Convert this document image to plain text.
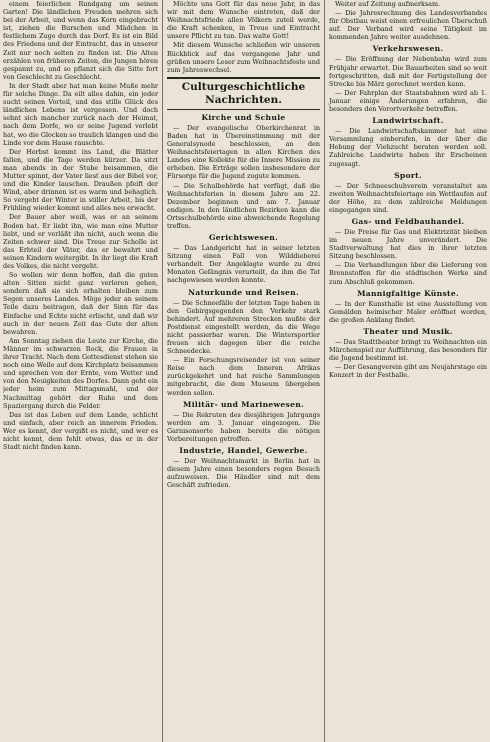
einem feierlichen Rundgang um seinen Garten! Die ländlichen Freuden mehren sich bei der Arbeit, und wenn das Korn eingebracht ist, ziehen die Burschen und Mädchen in festlichem Zuge durch das Dorf. Es ist ein Bild des Friedens und der Eintracht, das in unserer Zeit nur noch selten zu finden ist. Die Alten erzählen von früheren Zeiten, die Jungen hören gespannt zu, und so pflanzt sich die Sitte fort von Geschlecht zu Geschlecht.

In der Stadt aber hat man keine Muße mehr für solche Dinge. Da eilt alles dahin, ein jeder sucht seinen Vorteil, und das stille Glück des ländlichen Lebens ist vergessen. Und doch sehnt sich mancher zurück nach der Heimat, nach dem Dorfe, wo er seine Jugend verlebt hat, wo die Glocken so traulich klangen und die Linde vor dem Hause rauschte.

Der Herbst kommt ins Land, die Blätter fallen, und die Tage werden kürzer. Da sitzt man abends in der Stube beisammen, die Mutter spinnt, der Vater liest aus der Bibel vor, und die Kinder lauschen. Draußen pfeift der Wind, aber drinnen ist es warm und behaglich. So vergeht der Winter in stiller Arbeit, bis der Frühling wieder kommt und alles neu erwacht.

Der Bauer aber weiß, was er an seinem Boden hat. Er liebt ihn, wie man eine Mutter liebt, und er verläßt ihn nicht, auch wenn die Zeiten schwer sind. Die Treue zur Scholle ist das Erbteil der Väter, das er bewahrt und seinen Kindern weitergibt. In ihr liegt die Kraft des Volkes, die nicht vergeht.

So wollen wir denn hoffen, daß die guten alten Sitten nicht ganz verloren gehen, sondern daß sie sich erhalten bleiben zum Segen unseres Landes. Möge jeder an seinem Teile dazu beitragen, daß der Sinn für das Einfache und Echte nicht erlischt, und daß wir auch in der neuen Zeit das Gute der alten bewahren.

Am Sonntag ziehen die Leute zur Kirche, die Männer im schwarzen Rock, die Frauen in ihrer Tracht. Nach dem Gottesdienst stehen sie noch eine Weile auf dem Kirchplatz beisammen und sprechen von der Ernte, vom Wetter und von den Neuigkeiten des Dorfes. Dann geht ein jeder heim zum Mittagsmahl, und der Nachmittag gehört der Ruhe und dem Spaziergang durch die Felder.

Das ist das Leben auf dem Lande, schlicht und einfach, aber reich an innerem Frieden. Wer es kennt, der vergißt es nicht, und wer es nicht kennt, dem fehlt etwas, das er in der Stadt nicht finden kann.

Möchte uns Gott für das neue Jahr, in das wir mit dem Wunsche eintreten, daß der Weihnachtsfriede allen Völkern zuteil werde, die Kraft schenken, in Treue und Eintracht unsere Pflicht zu tun. Das walte Gott!

Mit diesem Wunsche schließen wir unseren Rückblick auf das vergangene Jahr und grüßen unsere Leser zum Weihnachtsfeste und zum Jahreswechsel.

Culturgeschichtliche Nachrichten.
Kirche und Schule

— Der evangelische Oberkirchenrat in Baden hat in Übereinstimmung mit der Generalsynode beschlossen, an den Weihnachtsfeiertagen in allen Kirchen des Landes eine Kollekte für die Innere Mission zu erheben. Die Erträge sollen insbesondere der Fürsorge für die Jugend zugute kommen.

— Die Schulbehörde hat verfügt, daß die Weihnachtsferien in diesem Jahre am 22. Dezember beginnen und am 7. Januar endigen. In den ländlichen Bezirken kann die Ortsschulbehörde eine abweichende Regelung treffen.

Gerichtswesen.

— Das Landgericht hat in seiner letzten Sitzung einen Fall von Wilddieberei verhandelt. Der Angeklagte wurde zu drei Monaten Gefängnis verurteilt, da ihm die Tat nachgewiesen werden konnte.

Naturkunde und Reisen.

— Die Schneefälle der letzten Tage haben in den Gebirgsgegenden den Verkehr stark behindert. Auf mehreren Strecken mußte der Postdienst eingestellt werden, da die Wege nicht passierbar waren. Die Wintersportler freuen sich dagegen über die reiche Schneedecke.

— Ein Forschungsreisender ist von seiner Reise nach dem Inneren Afrikas zurückgekehrt und hat reiche Sammlungen mitgebracht, die dem Museum übergeben werden sollen.

Militär- und Marinewesen.

— Die Rekruten des diesjährigen Jahrgangs werden am 3. Januar eingezogen. Die Garnisonsorte haben bereits die nötigen Vorbereitungen getroffen.

Industrie, Handel, Gewerbe.

— Der Weihnachtsmarkt in Berlin hat in diesem Jahre einen besonders regen Besuch aufzuweisen. Die Händler sind mit dem Geschäft zufrieden.

Weiter auf Zeitung aufmerksam.

— Die Jahresrechnung des Landesverbandes für Obstbau weist einen erfreulichen Überschuß auf. Der Verband wird seine Tätigkeit im kommenden Jahre weiter ausdehnen.

Verkehrswesen.

— Die Eröffnung der Nebenbahn wird zum Frühjahr erwartet. Die Bauarbeiten sind so weit fortgeschritten, daß mit der Fertigstellung der Strecke bis März gerechnet werden kann.

— Der Fahrplan der Staatsbahnen wird ab 1. Januar einige Änderungen erfahren, die besonders den Vorortverkehr betreffen.

Landwirtschaft.

— Die Landwirtschaftskammer hat eine Versammlung einberufen, in der über die Hebung der Viehzucht beraten werden soll. Zahlreiche Landwirte haben ihr Erscheinen zugesagt.

Sport.

— Der Schneeschuhverein veranstaltet am zweiten Weihnachtsfeiertage ein Wettlaufen auf der Höhe, zu dem zahlreiche Meldungen eingegangen sind.

Gas- und Feldbauhandel.

— Die Preise für Gas und Elektrizität bleiben im neuen Jahre unverändert. Die Stadtverwaltung hat dies in ihrer letzten Sitzung beschlossen.

— Die Verhandlungen über die Lieferung von Brennstoffen für die städtischen Werke sind zum Abschluß gekommen.

Mannigfaltige Künste.

— In der Kunsthalle ist eine Ausstellung von Gemälden heimischer Maler eröffnet worden, die großen Anklang findet.

Theater und Musik.

— Das Stadttheater bringt zu Weihnachten ein Märchenspiel zur Aufführung, das besonders für die Jugend bestimmt ist.

— Der Gesangverein gibt am Neujahrstage ein Konzert in der Festhalle.
